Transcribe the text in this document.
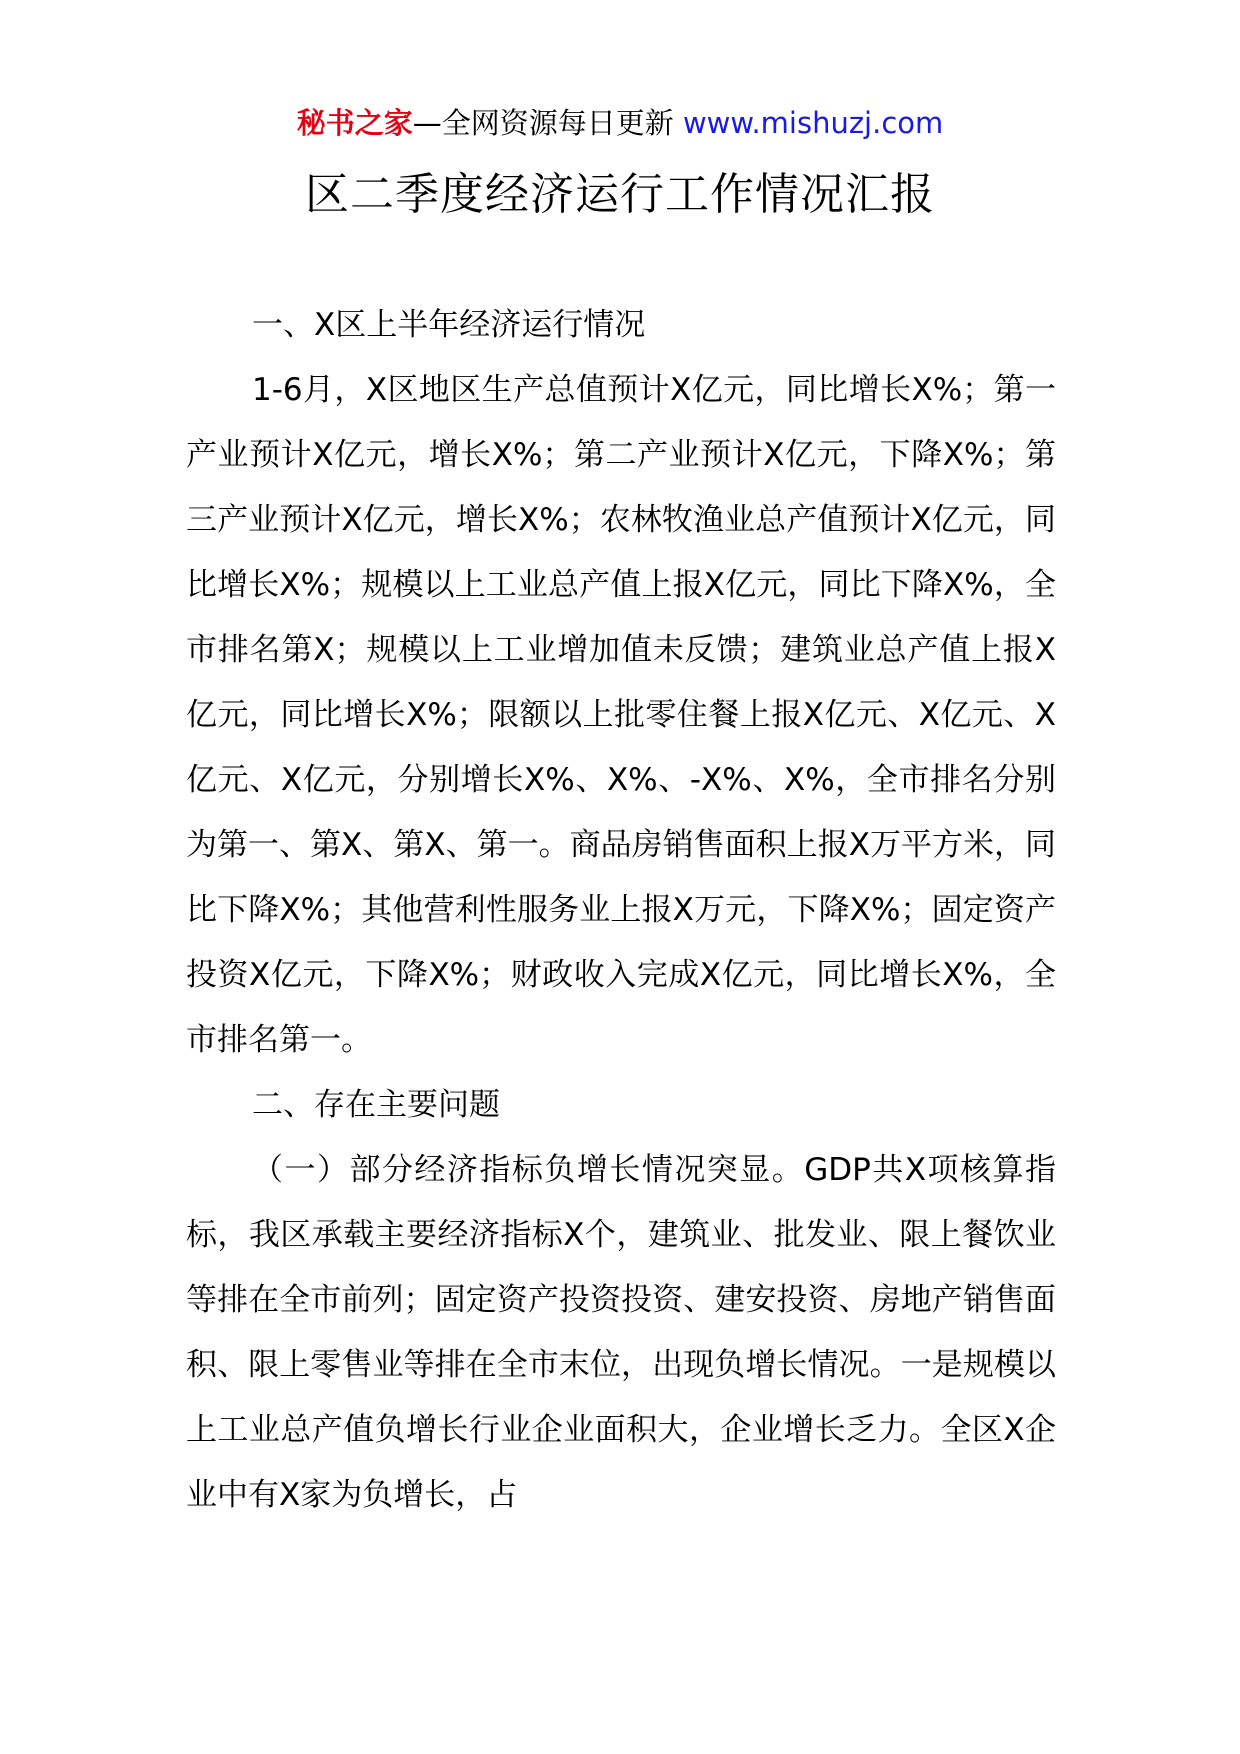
秘书之家—全网资源每日更新 www.mishuzj.com
区二季度经济运行工作情况汇报

一、X区上半年经济运行情况

1-6月，X区地区生产总值预计X亿元，同比增长X%；第一产业预计X亿元，增长X%；第二产业预计X亿元，下降X%；第三产业预计X亿元，增长X%；农林牧渔业总产值预计X亿元，同比增长X%；规模以上工业总产值上报X亿元，同比下降X%，全市排名第X；规模以上工业增加值未反馈；建筑业总产值上报X亿元，同比增长X%；限额以上批零住餐上报X亿元、X亿元、X亿元、X亿元，分别增长X%、X%、-X%、X%，全市排名分别为第一、第X、第X、第一。商品房销售面积上报X万平方米，同比下降X%；其他营利性服务业上报X万元，下降X%；固定资产投资X亿元，下降X%；财政收入完成X亿元，同比增长X%，全市排名第一。

二、存在主要问题

（一）部分经济指标负增长情况突显。GDP共X项核算指标，我区承载主要经济指标X个，建筑业、批发业、限上餐饮业等排在全市前列；固定资产投资投资、建安投资、房地产销售面积、限上零售业等排在全市末位，出现负增长情况。一是规模以上工业总产值负增长行业企业面积大，企业增长乏力。全区X企业中有X家为负增长，占
